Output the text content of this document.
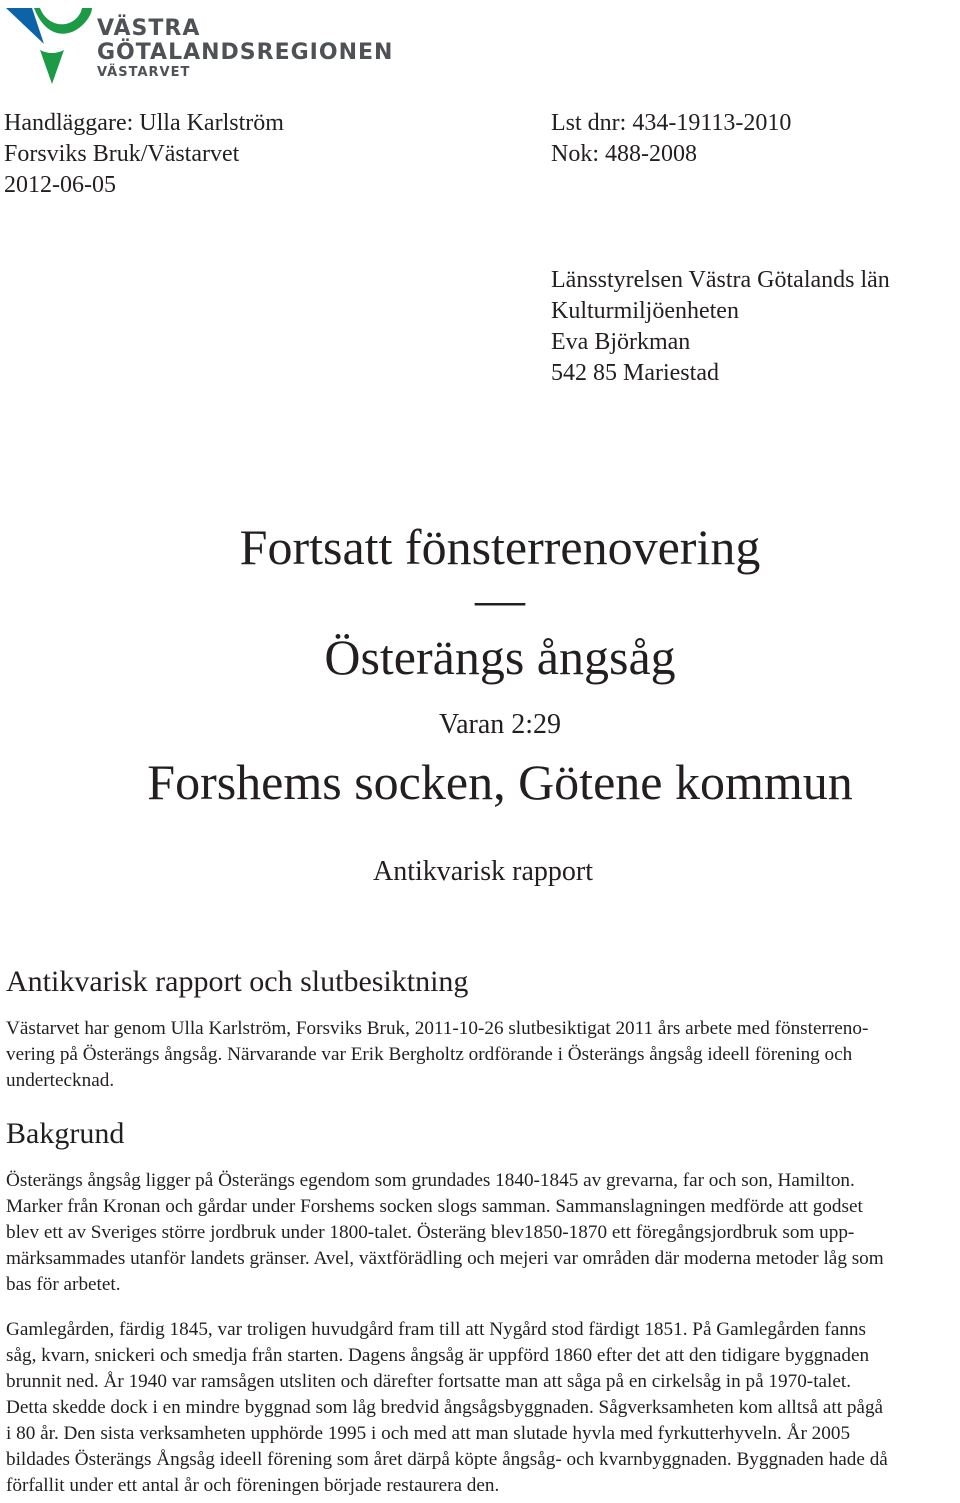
VÄSTRA
GÖTALANDSREGIONEN
VÄSTARVET
Handläggare: Ulla Karlström
Forsviks Bruk/Västarvet
2012-06-05
Lst dnr: 434-19113-2010
Nok: 488-2008
Länsstyrelsen Västra Götalands län
Kulturmiljöenheten
Eva Björkman
542 85 Mariestad
Fortsatt fönsterrenovering
—
Österängs ångsåg
Varan 2:29
Forshems socken, Götene kommun
Antikvarisk rapport
Antikvarisk rapport och slutbesiktning
Västarvet har genom Ulla Karlström, Forsviks Bruk, 2011-10-26 slutbesiktigat 2011 års arbete med fönsterreno-
vering på Österängs ångsåg. Närvarande var Erik Bergholtz ordförande i Österängs ångsåg ideell förening och
undertecknad.
Bakgrund
Österängs ångsåg ligger på Österängs egendom som grundades 1840-1845 av grevarna, far och son, Hamilton.
Marker från Kronan och gårdar under Forshems socken slogs samman. Sammanslagningen medförde att godset
blev ett av Sveriges större jordbruk under 1800-talet. Österäng blev1850-1870 ett föregångsjordbruk som upp-
märksammades utanför landets gränser. Avel, växtförädling och mejeri var områden där moderna metoder låg som
bas för arbetet.
Gamlegården, färdig 1845, var troligen huvudgård fram till att Nygård stod färdigt 1851. På Gamlegården fanns
såg, kvarn, snickeri och smedja från starten. Dagens ångsåg är uppförd 1860 efter det att den tidigare byggnaden
brunnit ned. År 1940 var ramsågen utsliten och därefter fortsatte man att såga på en cirkelsåg in på 1970-talet.
Detta skedde dock i en mindre byggnad som låg bredvid ångsågsbyggnaden. Sågverksamheten kom alltså att pågå
i 80 år. Den sista verksamheten upphörde 1995 i och med att man slutade hyvla med fyrkutterhyveln. År 2005
bildades Österängs Ångsåg ideell förening som året därpå köpte ångsåg- och kvarnbyggnaden. Byggnaden hade då
förfallit under ett antal år och föreningen började restaurera den.
